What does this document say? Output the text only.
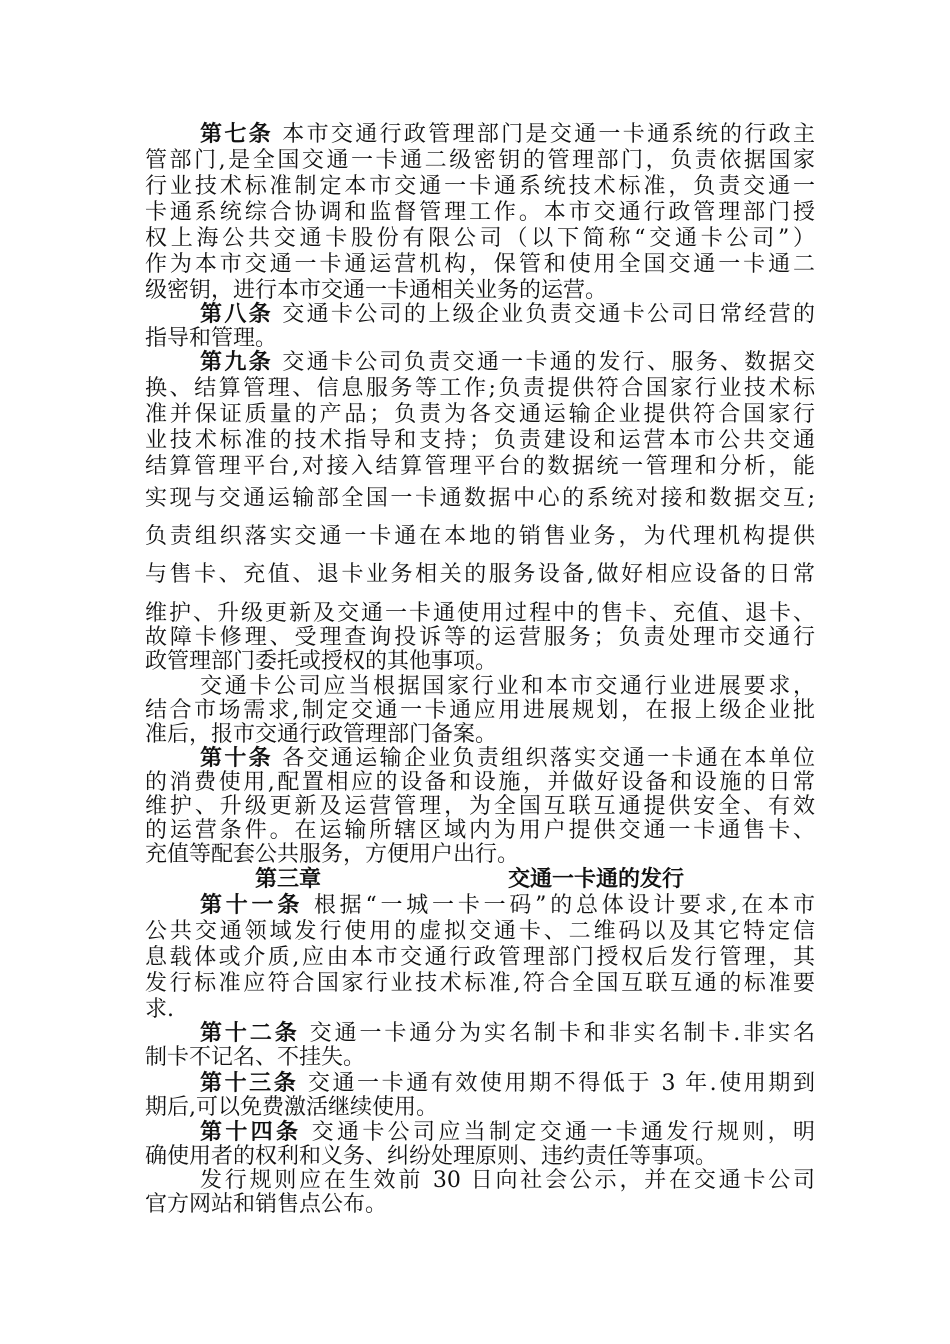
第七条 本市交通行政管理部门是交通一卡通系统的行政主
管部门,是全国交通一卡通二级密钥的管理部门，负责依据国家
行业技术标准制定本市交通一卡通系统技术标准，负责交通一
卡通系统综合协调和监督管理工作。本市交通行政管理部门授
权上海公共交通卡股份有限公司（以下简称“交通卡公司”）
作为本市交通一卡通运营机构，保管和使用全国交通一卡通二
级密钥，进行本市交通一卡通相关业务的运营。
第八条 交通卡公司的上级企业负责交通卡公司日常经营的
指导和管理。
第九条 交通卡公司负责交通一卡通的发行、服务、数据交
换、结算管理、信息服务等工作;负责提供符合国家行业技术标
准并保证质量的产品；负责为各交通运输企业提供符合国家行
业技术标准的技术指导和支持；负责建设和运营本市公共交通
结算管理平台,对接入结算管理平台的数据统一管理和分析，能
实现与交通运输部全国一卡通数据中心的系统对接和数据交互;
负责组织落实交通一卡通在本地的销售业务，为代理机构提供
与售卡、充值、退卡业务相关的服务设备,做好相应设备的日常
维护、升级更新及交通一卡通使用过程中的售卡、充值、退卡、
故障卡修理、受理查询投诉等的运营服务；负责处理市交通行
政管理部门委托或授权的其他事项。
交通卡公司应当根据国家行业和本市交通行业进展要求，
结合市场需求,制定交通一卡通应用进展规划，在报上级企业批
准后，报市交通行政管理部门备案。
第十条 各交通运输企业负责组织落实交通一卡通在本单位
的消费使用,配置相应的设备和设施，并做好设备和设施的日常
维护、升级更新及运营管理，为全国互联互通提供安全、有效
的运营条件。在运输所辖区域内为用户提供交通一卡通售卡、
充值等配套公共服务，方便用户出行。
第三章	交通一卡通的发行
第十一条 根据“一城一卡一码”的总体设计要求,在本市
公共交通领域发行使用的虚拟交通卡、二维码以及其它特定信
息载体或介质,应由本市交通行政管理部门授权后发行管理，其
发行标准应符合国家行业技术标准,符合全国互联互通的标准要
求.
第十二条 交通一卡通分为实名制卡和非实名制卡.非实名
制卡不记名、不挂失。
第十三条 交通一卡通有效使用期不得低于 3 年.使用期到
期后,可以免费激活继续使用。
第十四条 交通卡公司应当制定交通一卡通发行规则，明
确使用者的权利和义务、纠纷处理原则、违约责任等事项。
发行规则应在生效前 30 日向社会公示，并在交通卡公司
官方网站和销售点公布。
